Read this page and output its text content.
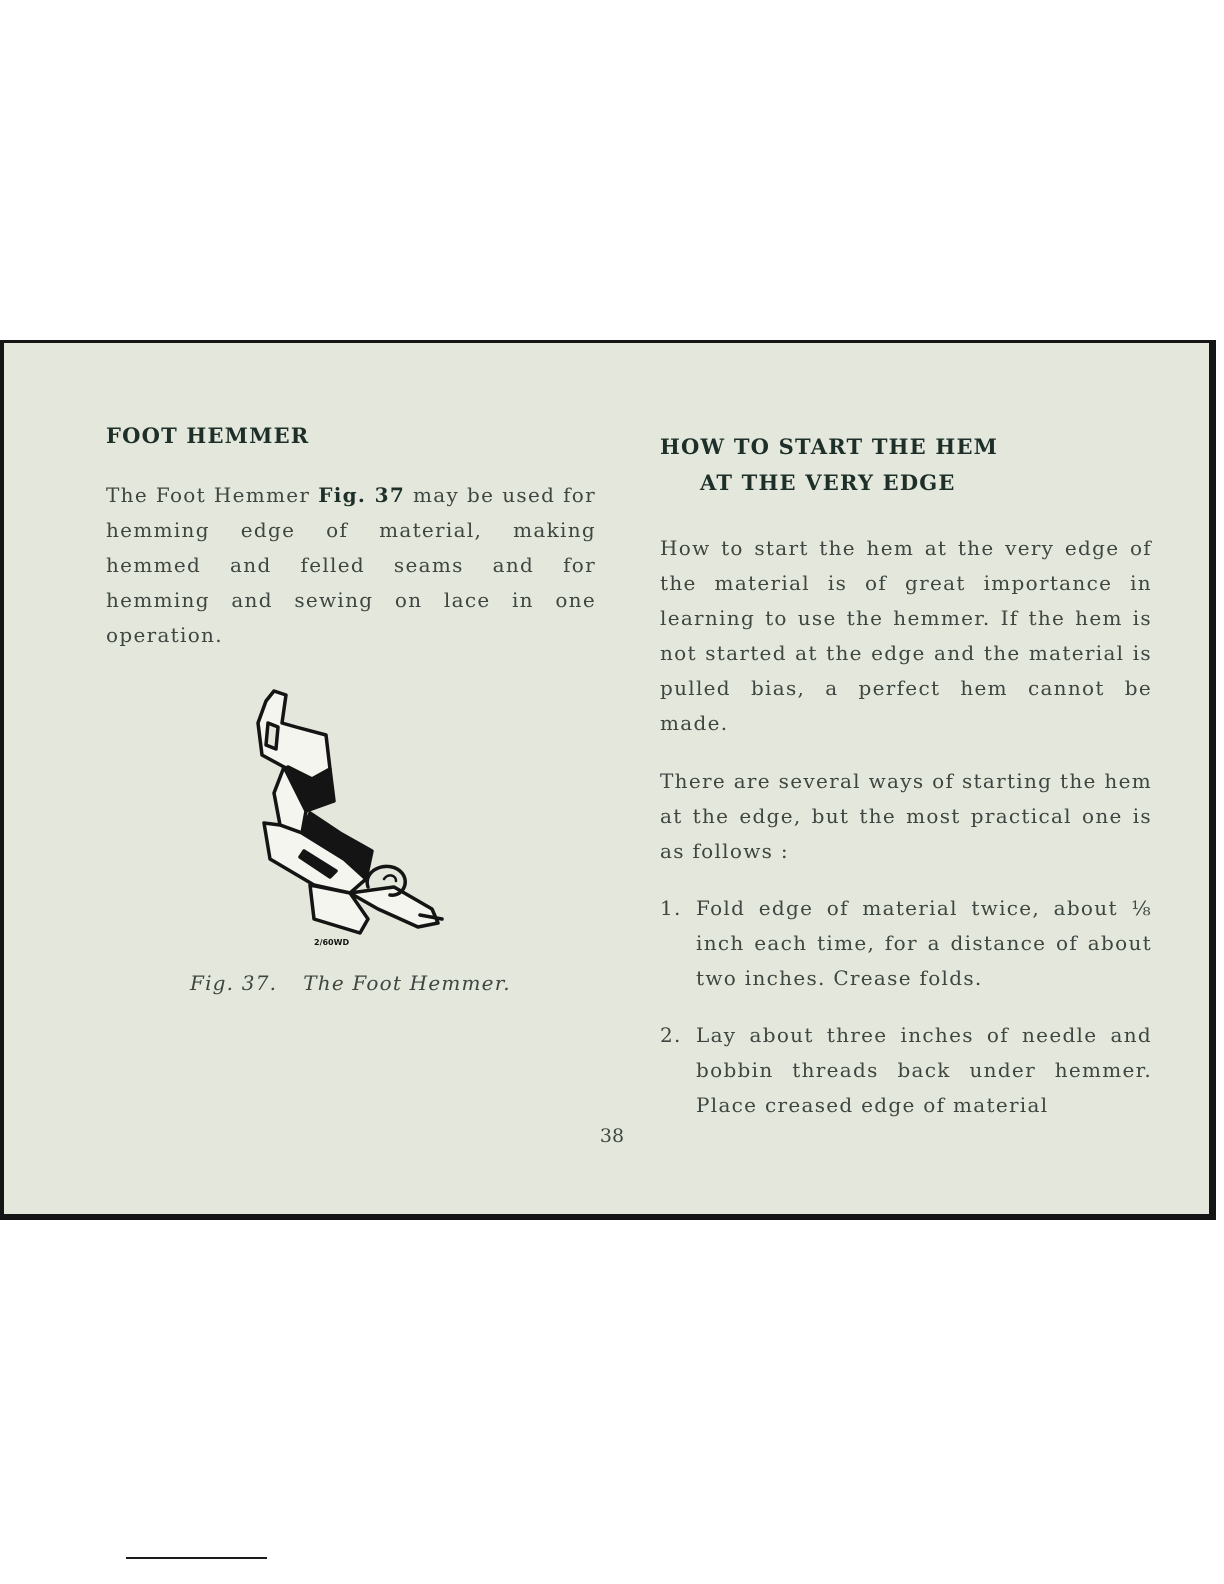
FOOT HEMMER

The Foot Hemmer Fig. 37 may be used for hemming edge of material, making hemmed and felled seams and for hemming and sewing on lace in one operation.

2/60WD
Fig. 37. The Foot Hemmer.
HOW TO START THE HEM
AT THE VERY EDGE

How to start the hem at the very edge of the material is of great importance in learning to use the hemmer. If the hem is not started at the edge and the material is pulled bias, a perfect hem cannot be made.

There are several ways of starting the hem at the edge, but the most practical one is as follows :

1. Fold edge of material twice, about ⅛ inch each time, for a distance of about two inches. Crease folds.
2. Lay about three inches of needle and bobbin threads back under hemmer. Place creased edge of material
38
